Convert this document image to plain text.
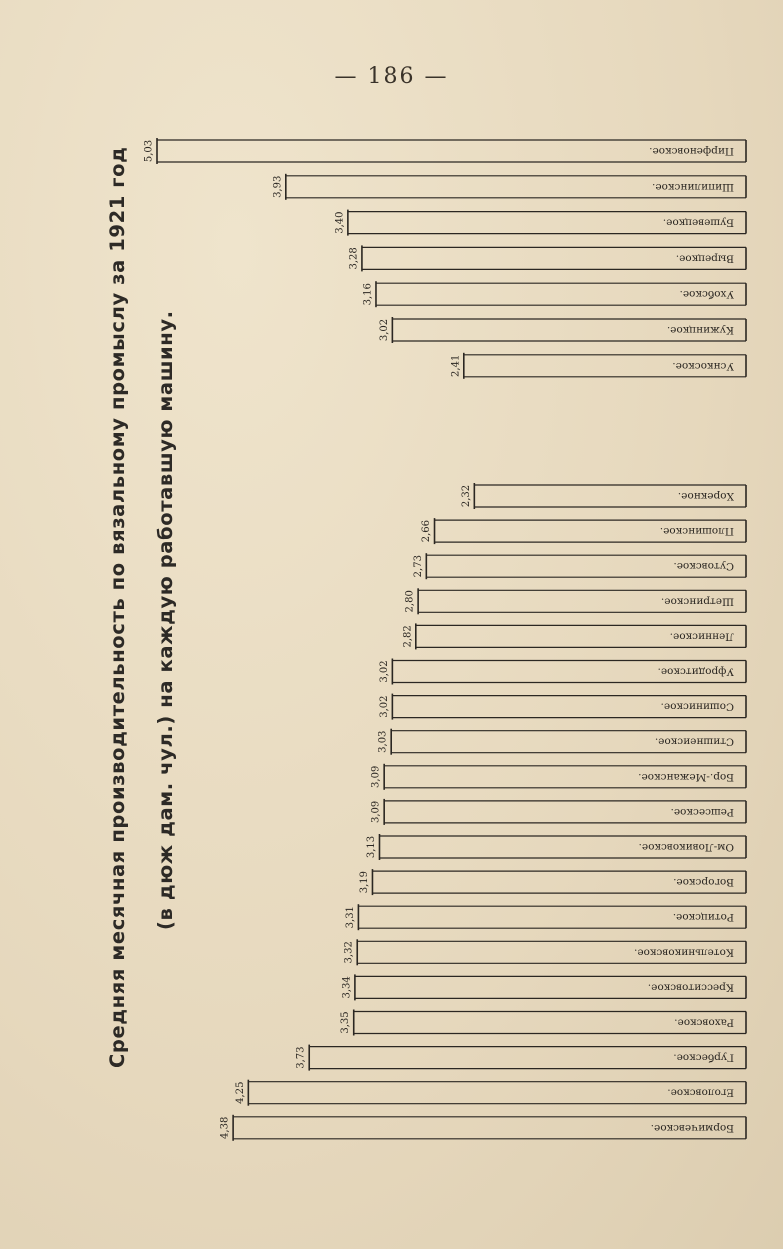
— 186 —
Средняя месячная производительность по вязальному промыслу за 1921 год (в дюж дам. чул.) на каждую работавшую машину.
Пирфеновское.
5,03
Шипилинское.
3,93
Бушевецкое.
3,40
Вырецкое.
3,28
Ухобское.
3,16
Кужинцкое.
3,02
Уснкоское.
2,41
Хорекное.
2,32
Плошинское.
2,66
Сутовское.
2,73
Шетринское.
2,80
Ленниское.
2,82
Уфродитское.
3,02
Сошиниское.
3,02
Стишнеиское.
3,03
Бор.-Межанское.
3,09
Решсеское.
3,09
Ом-Ловиковское.
3,13
Вогорское.
3,19
Ротицское.
3,31
Котельниковское.
3,32
Кресситовское.
3,34
Раховское.
3,35
Гурбеское.
3,73
Еголовское.
4,25
Бормичевское.
4,38
